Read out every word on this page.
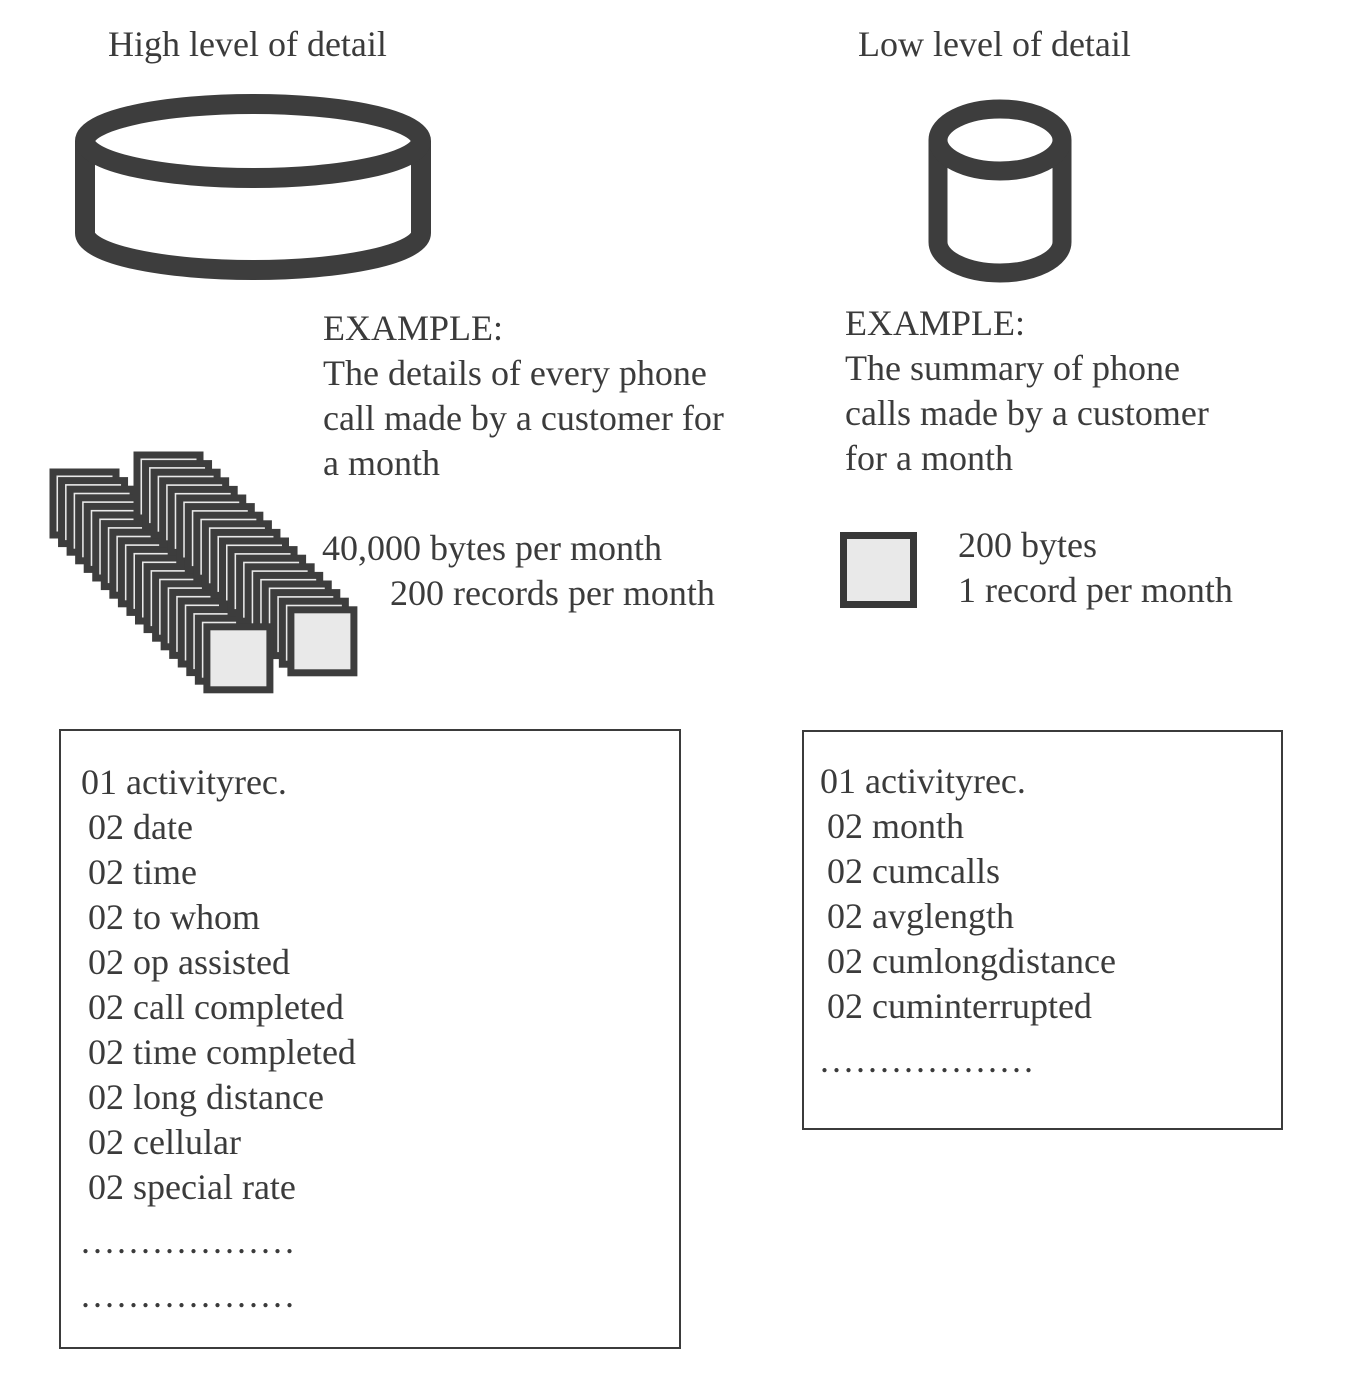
High level of detail	Low level of detail
EXAMPLE:
The details of every phone
call made by a customer for
a month
EXAMPLE:
The summary of phone
calls made by a customer
for a month
40,000 bytes per month
200 records per month
200 bytes
1 record per month
01 activityrec.
02 date
02 time
02 to whom
02 op assisted
02 call completed
02 time completed
02 long distance
02 cellular
02 special rate
..................
..................
01 activityrec.
02 month
02 cumcalls
02 avglength
02 cumlongdistance
02 cuminterrupted
..................
